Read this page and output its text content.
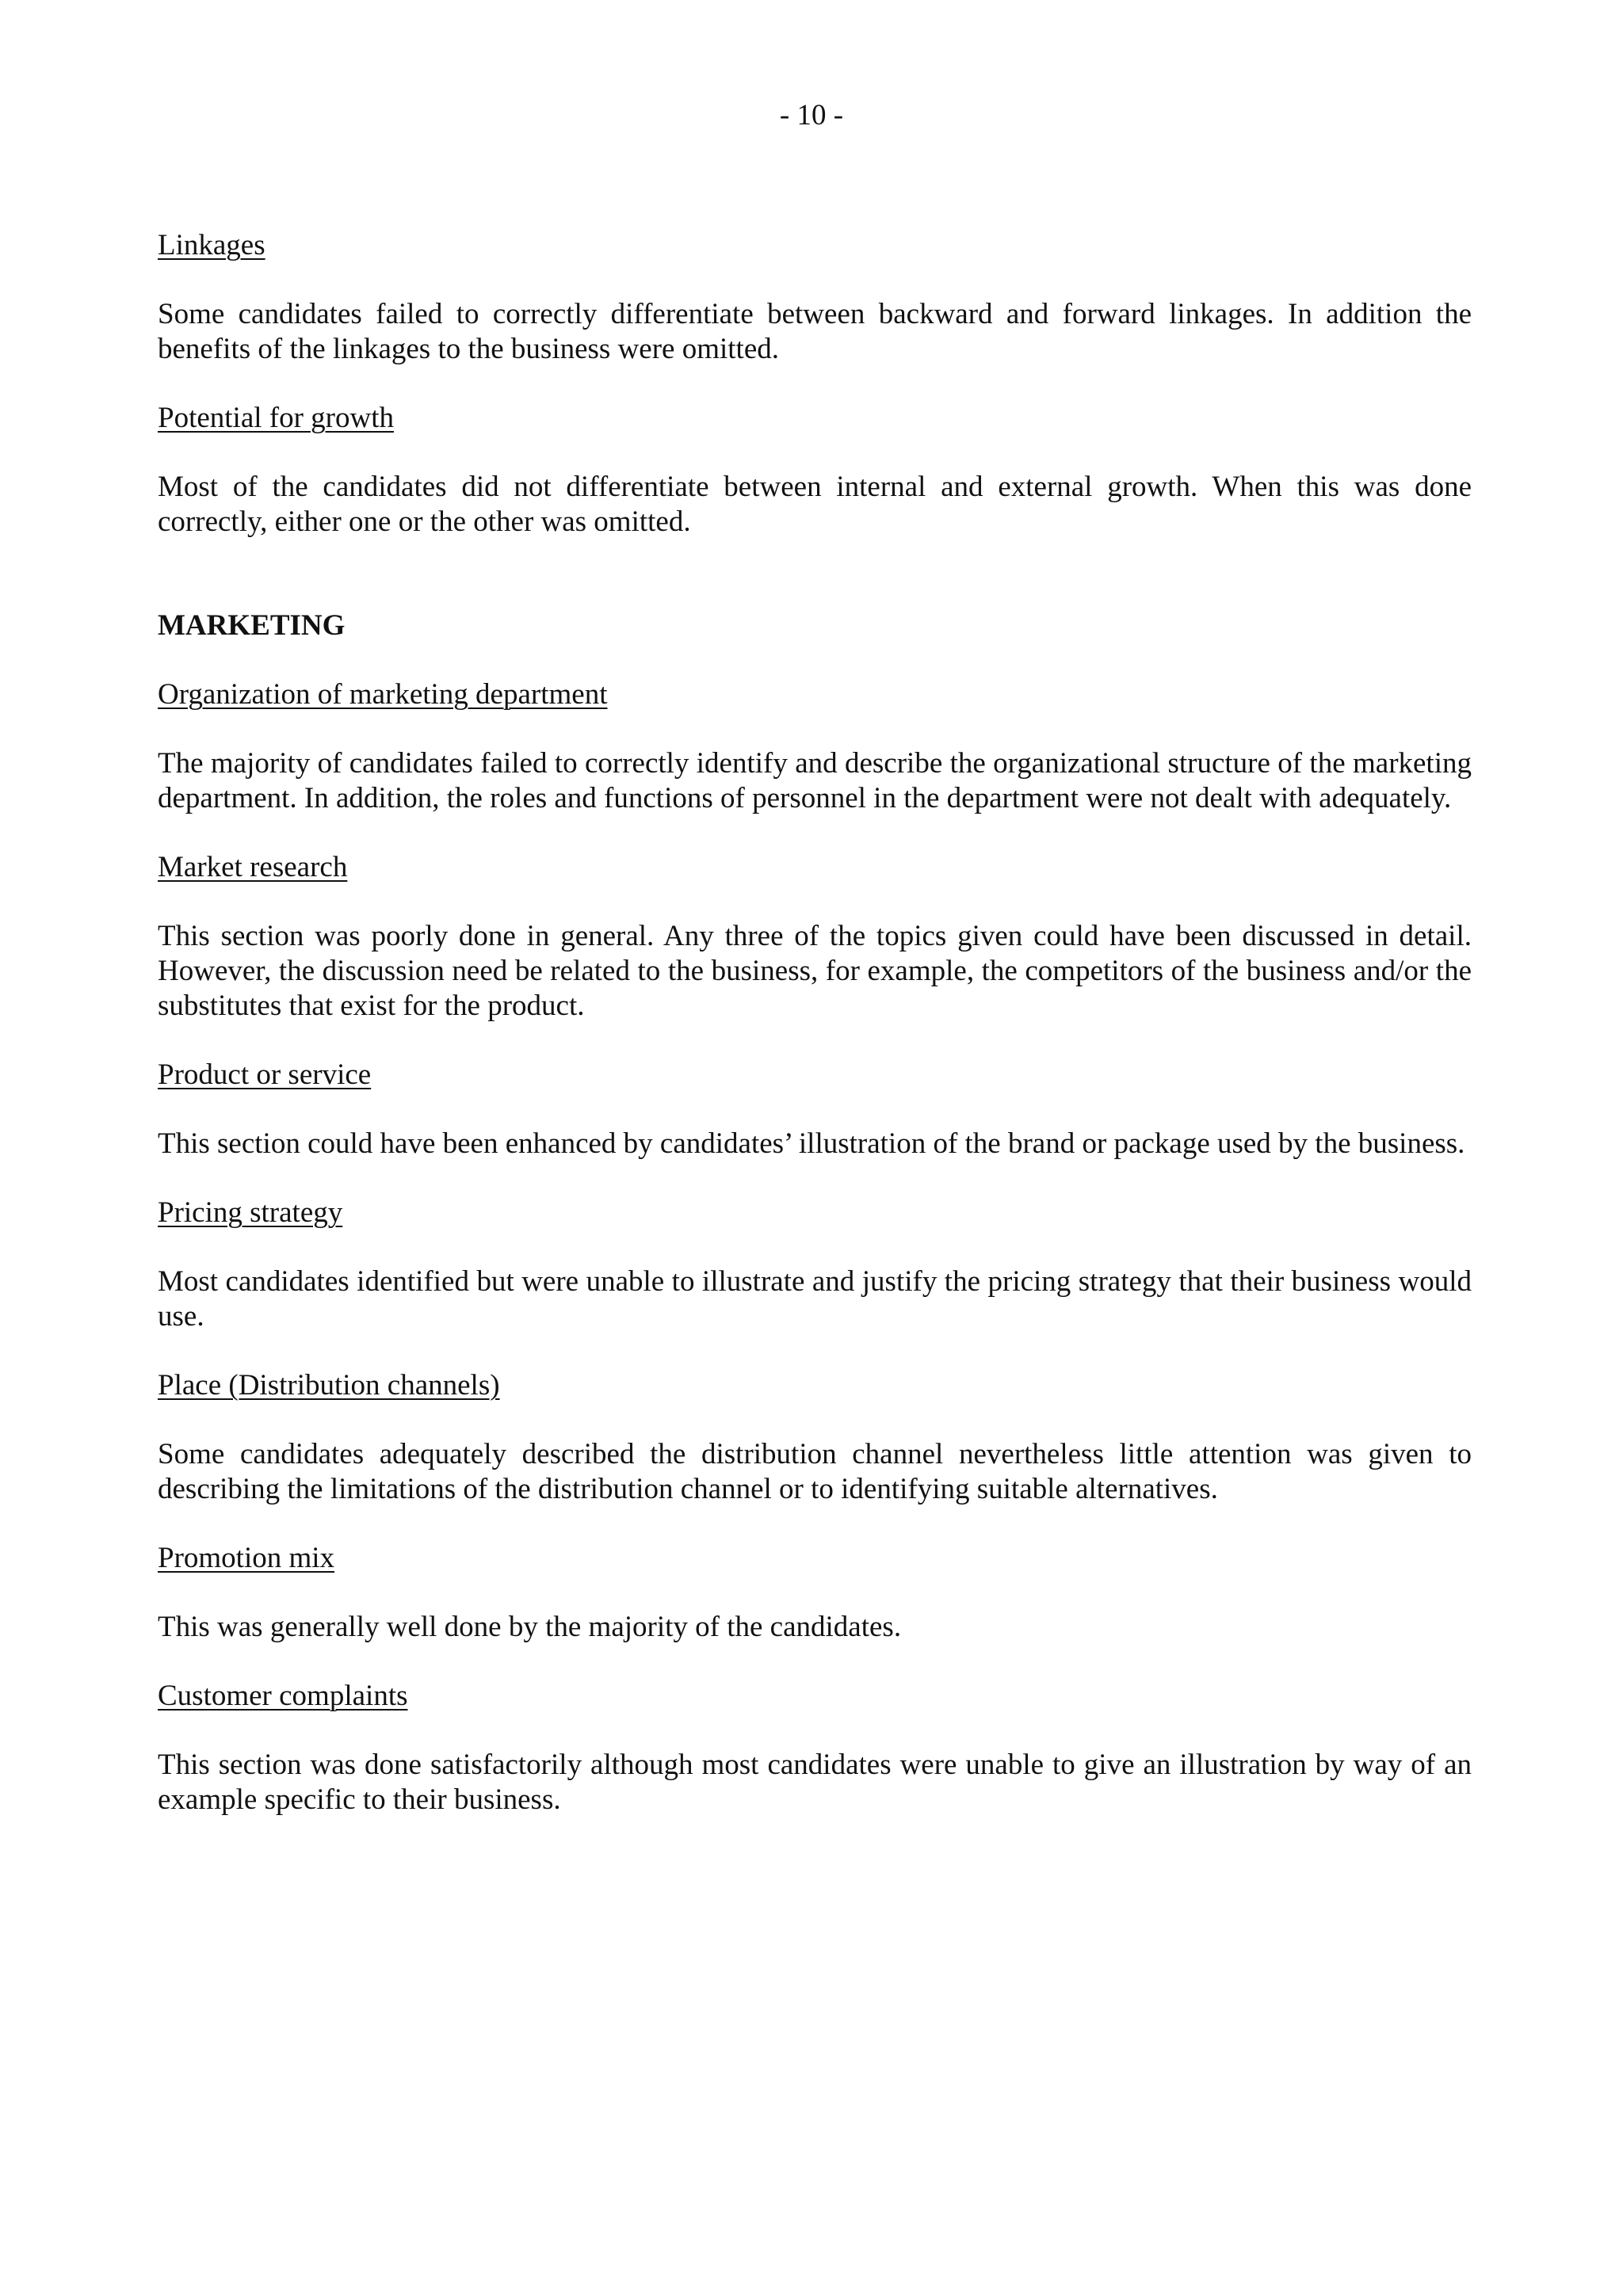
- 10 -

Linkages

Some candidates failed to correctly differentiate between backward and forward linkages. In addition the benefits of the linkages to the business were omitted.

Potential for growth

Most of the candidates did not differentiate between internal and external growth. When this was done correctly, either one or the other was omitted.

MARKETING

Organization of marketing department

The majority of candidates failed to correctly identify and describe the organizational structure of the marketing department. In addition, the roles and functions of personnel in the department were not dealt with adequately.

Market research

This section was poorly done in general. Any three of the topics given could have been discussed in detail. However, the discussion need be related to the business, for example, the competitors of the business and/or the substitutes that exist for the product.

Product or service

This section could have been enhanced by candidates’ illustration of the brand or package used by the business.

Pricing strategy

Most candidates identified but were unable to illustrate and justify the pricing strategy that their business would use.

Place (Distribution channels)

Some candidates adequately described the distribution channel nevertheless little attention was given to describing the limitations of the distribution channel or to identifying suitable alternatives.

Promotion mix

This was generally well done by the majority of the candidates.

Customer complaints

This section was done satisfactorily although most candidates were unable to give an illustration by way of an example specific to their business.
